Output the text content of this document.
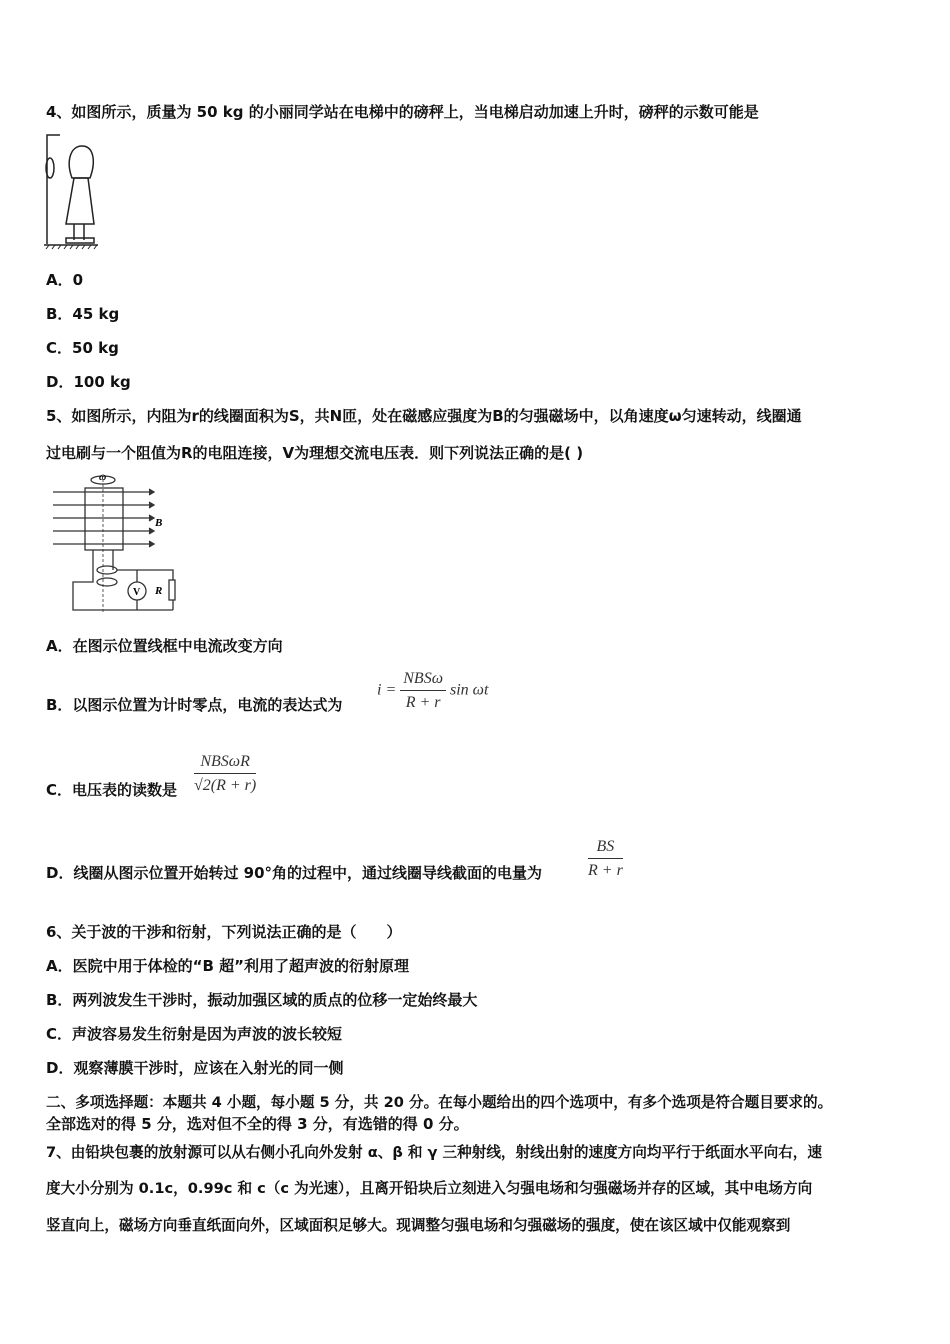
4、如图所示，质量为 50 kg 的小丽同学站在电梯中的磅秤上，当电梯启动加速上升时，磅秤的示数可能是
A．0
B．45 kg
C．50 kg
D．100 kg
5、如图所示，内阻为r的线圈面积为S，共N匝，处在磁感应强度为B的匀强磁场中，以角速度ω匀速转动，线圈通
过电刷与一个阻值为R的电阻连接，V为理想交流电压表．则下列说法正确的是( )
ω
B
V R
A．在图示位置线框中电流改变方向
B．以图示位置为计时零点，电流的表达式为
i =
NBSω
R + r
sin ωt
C．电压表的读数是
NBSωR
√2(R + r)
D．线圈从图示位置开始转过 90°角的过程中，通过线圈导线截面的电量为	$\frac{BS}{R + r}$
6、关于波的干涉和衍射，下列说法正确的是（　　）
A．医院中用于体检的“B 超”利用了超声波的衍射原理
B．两列波发生干涉时，振动加强区域的质点的位移一定始终最大
C．声波容易发生衍射是因为声波的波长较短
D．观察薄膜干涉时，应该在入射光的同一侧
二、多项选择题：本题共 4 小题，每小题 5 分，共 20 分。在每小题给出的四个选项中，有多个选项是符合题目要求的。
全部选对的得 5 分，选对但不全的得 3 分，有选错的得 0 分。
7、由铅块包裹的放射源可以从右侧小孔向外发射 α、β 和 γ 三种射线，射线出射的速度方向均平行于纸面水平向右，速
度大小分别为 0.1c，0.99c 和 c（c 为光速），且离开铅块后立刻进入匀强电场和匀强磁场并存的区域，其中电场方向
竖直向上，磁场方向垂直纸面向外，区域面积足够大。现调整匀强电场和匀强磁场的强度，使在该区域中仅能观察到
